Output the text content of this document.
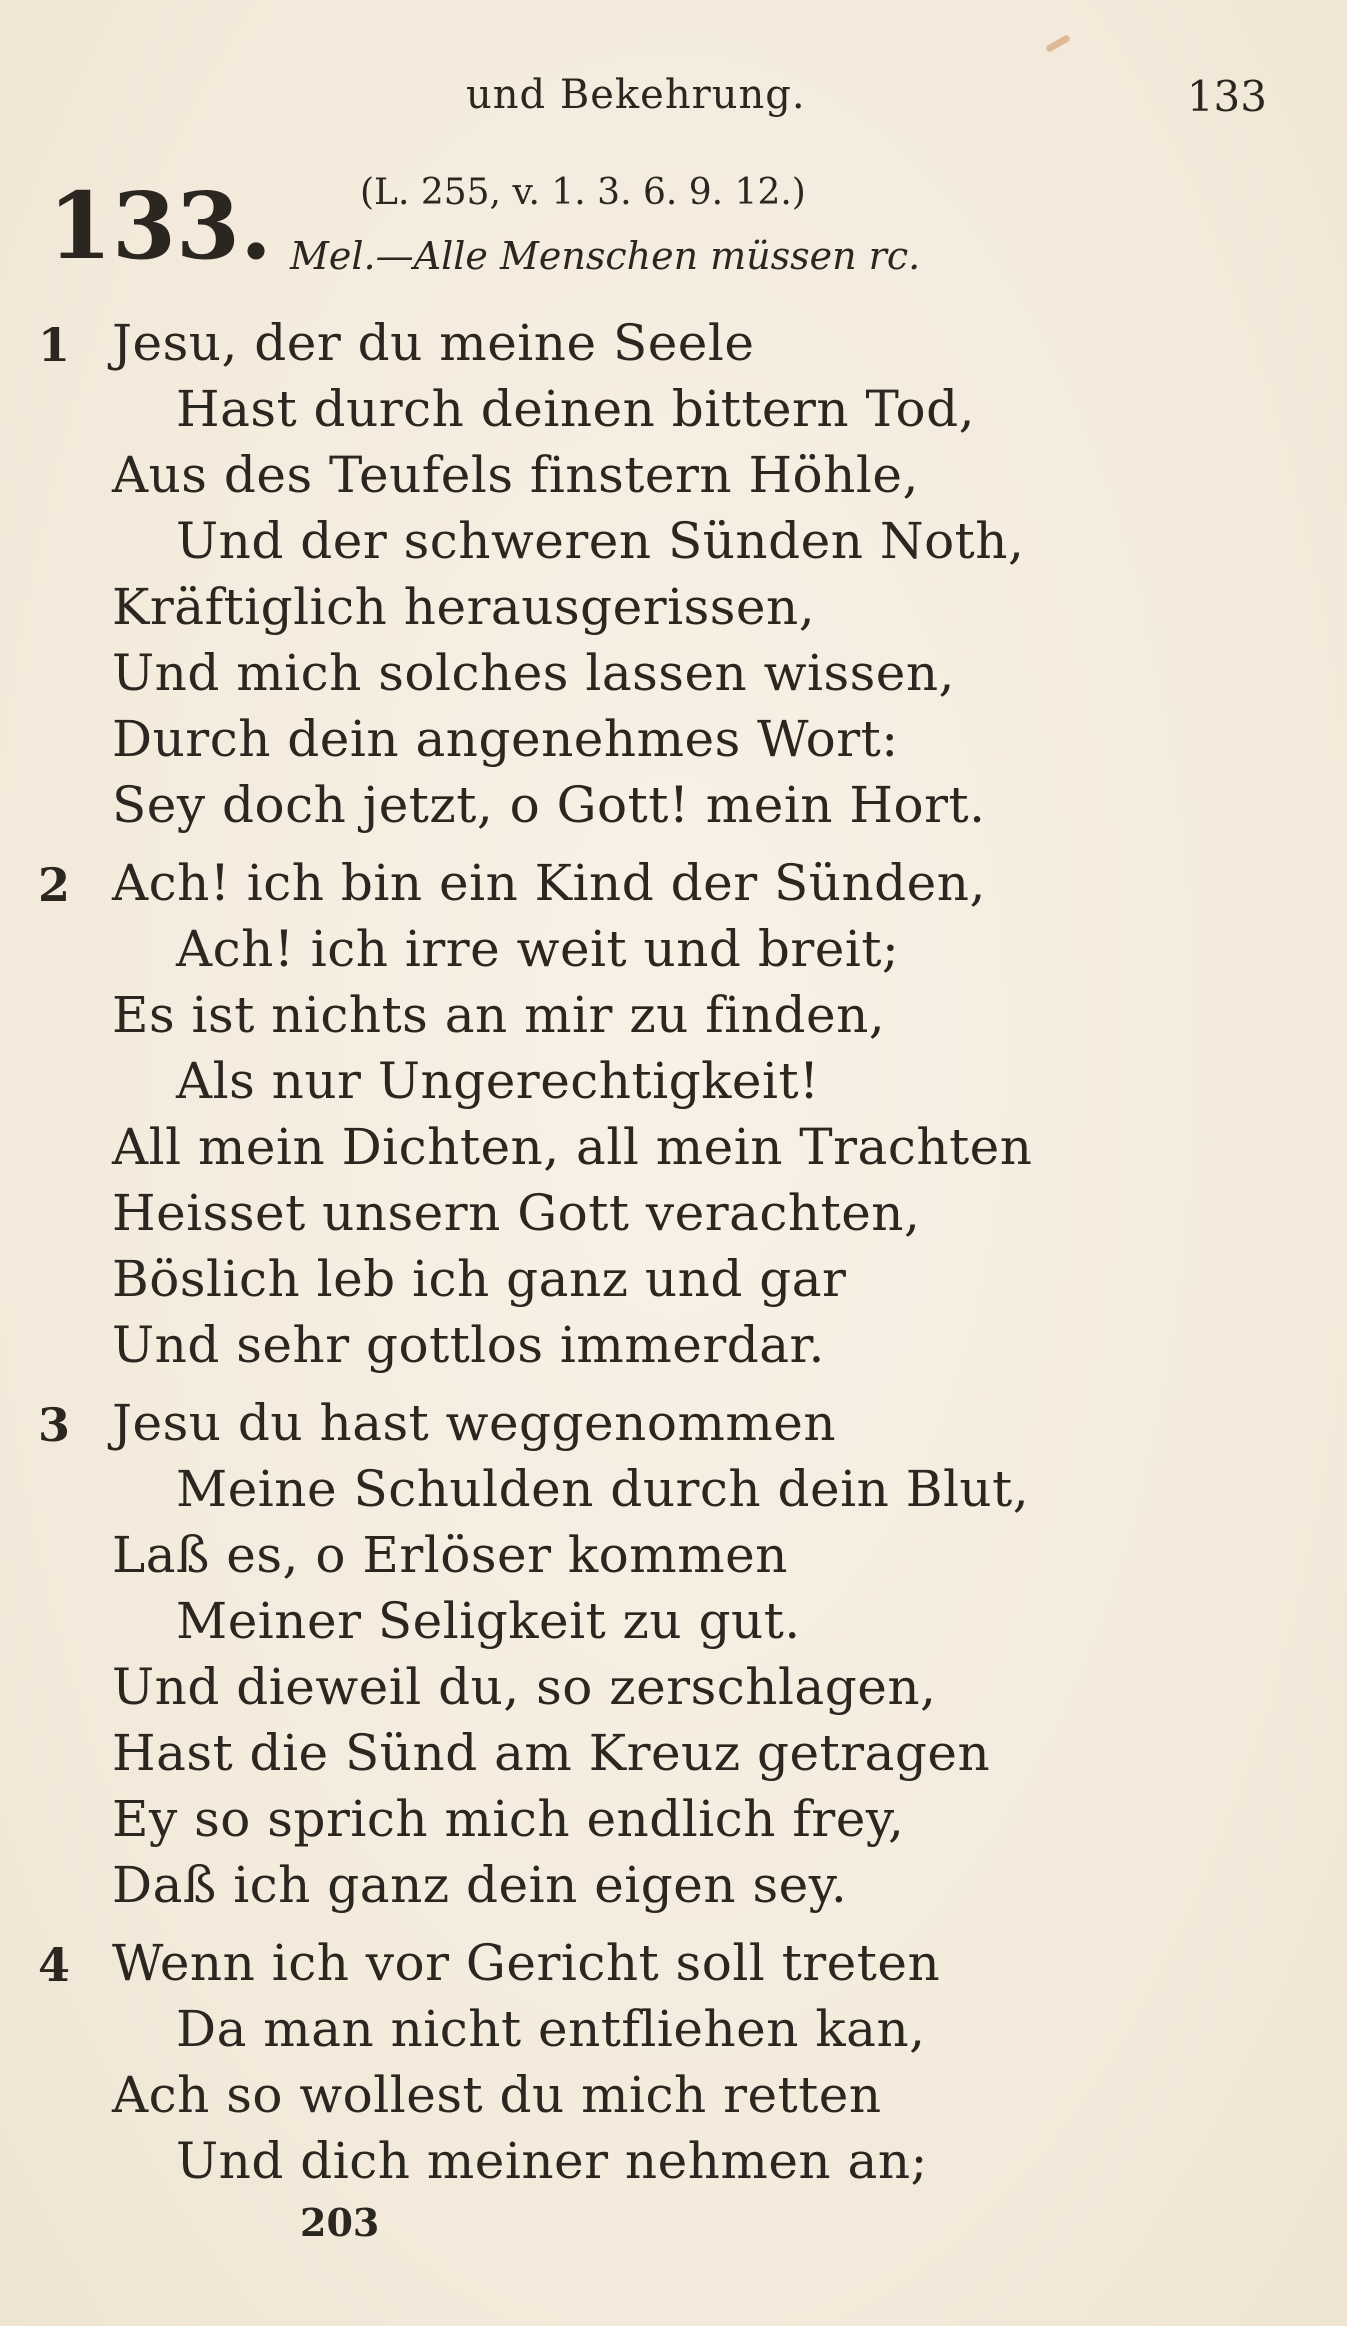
und Bekehrung.	133
133. (L. 255, v. 1. 3. 6. 9. 12.)
Mel.—Alle Menschen müssen rc.
1 Jesu, der du meine Seele
Hast durch deinen bittern Tod,
Aus des Teufels finstern Höhle,
Und der schweren Sünden Noth,
Kräftiglich herausgerissen,
Und mich solches lassen wissen,
Durch dein angenehmes Wort:
Sey doch jetzt, o Gott! mein Hort.
2 Ach! ich bin ein Kind der Sünden,
Ach! ich irre weit und breit;
Es ist nichts an mir zu finden,
Als nur Ungerechtigkeit!
All mein Dichten, all mein Trachten
Heisset unsern Gott verachten,
Böslich leb ich ganz und gar
Und sehr gottlos immerdar.
3 Jesu du hast weggenommen
Meine Schulden durch dein Blut,
Laß es, o Erlöser kommen
Meiner Seligkeit zu gut.
Und dieweil du, so zerschlagen,
Hast die Sünd am Kreuz getragen
Ey so sprich mich endlich frey,
Daß ich ganz dein eigen sey.
4 Wenn ich vor Gericht soll treten
Da man nicht entfliehen kan,
Ach so wollest du mich retten
Und dich meiner nehmen an;
203
